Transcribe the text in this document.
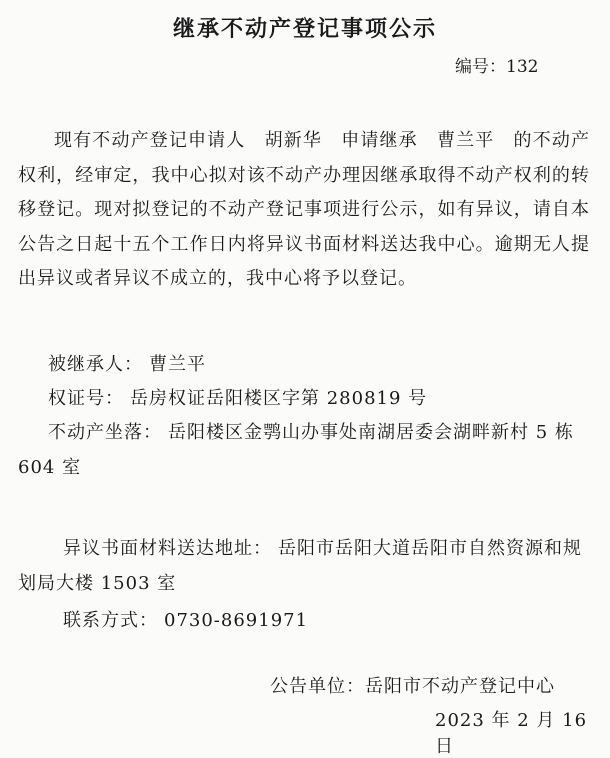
继承不动产登记事项公示
编号：132

现有不动产登记申请人　胡新华　申请继承　曹兰平　的不动产权利，经审定，我中心拟对该不动产办理因继承取得不动产权利的转移登记。现对拟登记的不动产登记事项进行公示，如有异议，请自本公告之日起十五个工作日内将异议书面材料送达我中心。逾期无人提出异议或者异议不成立的，我中心将予以登记。

被继承人： 曹兰平
权证号： 岳房权证岳阳楼区字第 280819 号
不动产坐落： 岳阳楼区金鹗山办事处南湖居委会湖畔新村 5 栋 604 室
异议书面材料送达地址： 岳阳市岳阳大道岳阳市自然资源和规划局大楼 1503 室
联系方式： 0730-8691971
公告单位：岳阳市不动产登记中心
2023 年 2 月 16 日
